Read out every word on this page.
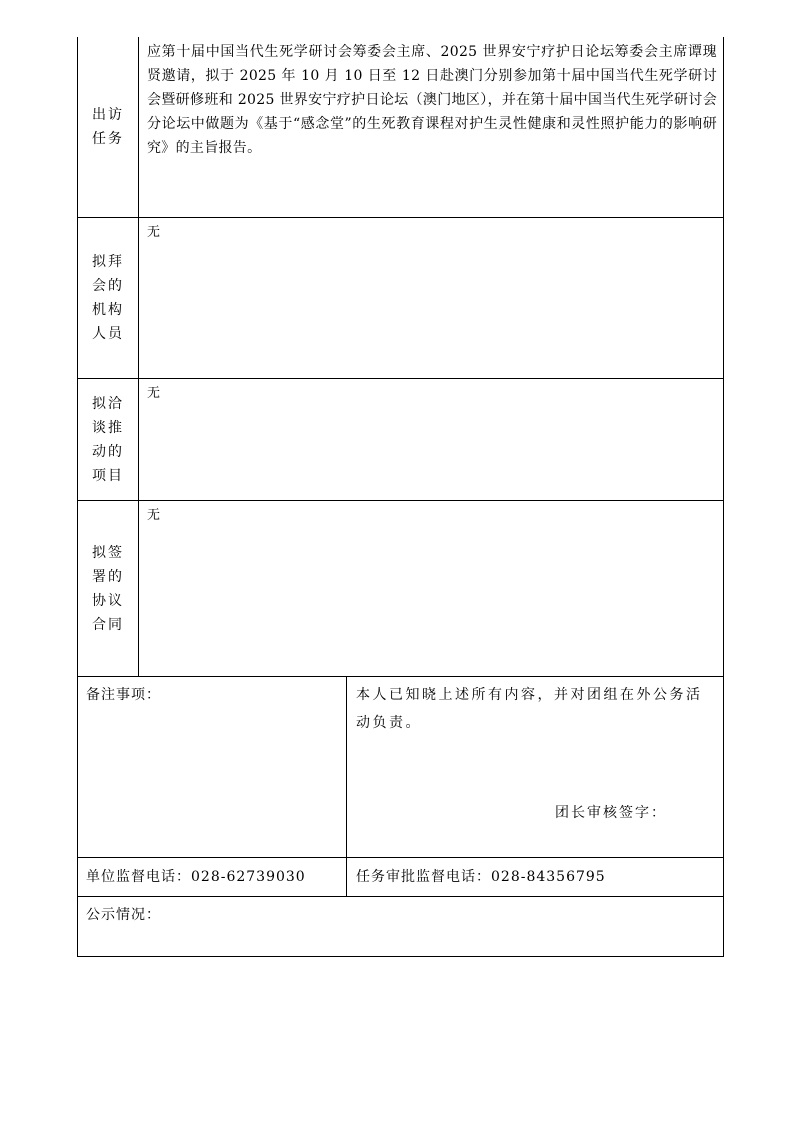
出访任务
应第十届中国当代生死学研讨会筹委会主席、2025 世界安宁疗护日论坛筹委会主席谭瑰贤邀请，拟于 2025 年 10 月 10 日至 12 日赴澳门分别参加第十届中国当代生死学研讨会暨研修班和 2025 世界安宁疗护日论坛（澳门地区），并在第十届中国当代生死学研讨会分论坛中做题为《基于“感念堂”的生死教育课程对护生灵性健康和灵性照护能力的影响研究》的主旨报告。
拟拜会的机构人员
无
拟洽谈推动的项目
无
拟签署的协议合同
无
备注事项：	本人已知晓上述所有内容，并对团组在外公务活动负责。
团长审核签字：
单位监督电话：028-62739030	任务审批监督电话：028-84356795
公示情况：
